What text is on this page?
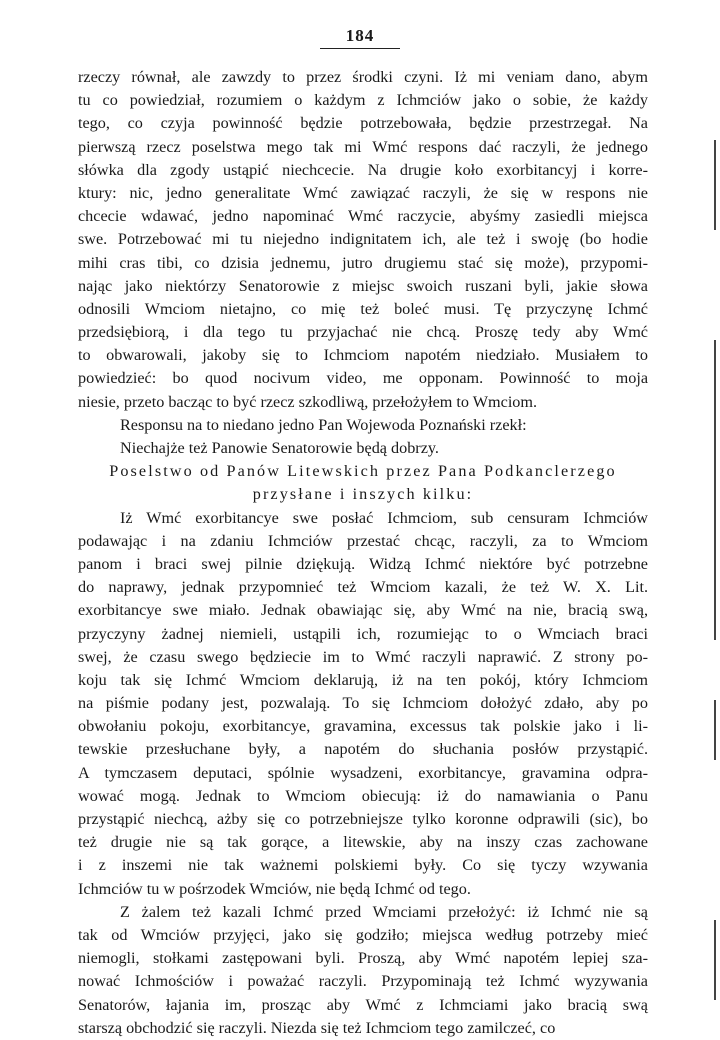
184
rzeczy równał, ale zawzdy to przez środki czyni. Iż mi veniam dano, abym
tu co powiedział, rozumiem o każdym z Ichmciów jako o sobie, że każdy
tego, co czyja powinność będzie potrzebowała, będzie przestrzegał. Na
pierwszą rzecz poselstwa mego tak mi Wmć respons dać raczyli, że jednego
słówka dla zgody ustąpić niechcecie. Na drugie koło exorbitancyj i korre-
ktury: nic, jedno generalitate Wmć zawiązać raczyli, że się w respons nie
chcecie wdawać, jedno napominać Wmć raczycie, abyśmy zasiedli miejsca
swe. Potrzebować mi tu niejedno indignitatem ich, ale też i swoję (bo hodie
mihi cras tibi, co dzisia jednemu, jutro drugiemu stać się może), przypomi-
nając jako niektórzy Senatorowie z miejsc swoich ruszani byli, jakie słowa
odnosili Wmciom nietajno, co mię też boleć musi. Tę przyczynę Ichmć
przedsiębiorą, i dla tego tu przyjachać nie chcą. Proszę tedy aby Wmć
to obwarowali, jakoby się to Ichmciom napotém niedziało. Musiałem to
powiedzieć: bo quod nocivum video, me opponam. Powinność to moja
niesie, przeto bacząc to być rzecz szkodliwą, przełożyłem to Wmciom.
Responsu na to niedano jedno Pan Wojewoda Poznański rzekł:
Niechajże też Panowie Senatorowie będą dobrzy.
Poselstwo od Panów Litewskich przez Pana Podkanclerzego
przysłane i inszych kilku:
Iż Wmć exorbitancye swe posłać Ichmciom, sub censuram Ichmciów
podawając i na zdaniu Ichmciów przestać chcąc, raczyli, za to Wmciom
panom i braci swej pilnie dziękują. Widzą Ichmć niektóre być potrzebne
do naprawy, jednak przypomnieć też Wmciom kazali, że też W. X. Lit.
exorbitancye swe miało. Jednak obawiając się, aby Wmć na nie, bracią swą,
przyczyny żadnej niemieli, ustąpili ich, rozumiejąc to o Wmciach braci
swej, że czasu swego będziecie im to Wmć raczyli naprawić. Z strony po-
koju tak się Ichmć Wmciom deklarują, iż na ten pokój, który Ichmciom
na piśmie podany jest, pozwalają. To się Ichmciom dołożyć zdało, aby po
obwołaniu pokoju, exorbitancye, gravamina, excessus tak polskie jako i li-
tewskie przesłuchane były, a napotém do słuchania posłów przystąpić.
A tymczasem deputaci, spólnie wysadzeni, exorbitancye, gravamina odpra-
wować mogą. Jednak to Wmciom obiecują: iż do namawiania o Panu
przystąpić niechcą, ażby się co potrzebniejsze tylko koronne odprawili (sic), bo
też drugie nie są tak gorące, a litewskie, aby na inszy czas zachowane
i z inszemi nie tak ważnemi polskiemi były. Co się tyczy wzywania
Ichmciów tu w pośrzodek Wmciów, nie będą Ichmć od tego.
Z żalem też kazali Ichmć przed Wmciami przełożyć: iż Ichmć nie są
tak od Wmciów przyjęci, jako się godziło; miejsca według potrzeby mieć
niemogli, stołkami zastępowani byli. Proszą, aby Wmć napotém lepiej sza-
nować Ichmościów i poważać raczyli. Przypominają też Ichmć wyzywania
Senatorów, łajania im, prosząc aby Wmć z Ichmciami jako bracią swą
starszą obchodzić się raczyli. Niezda się też Ichmciom tego zamilczeć, co
